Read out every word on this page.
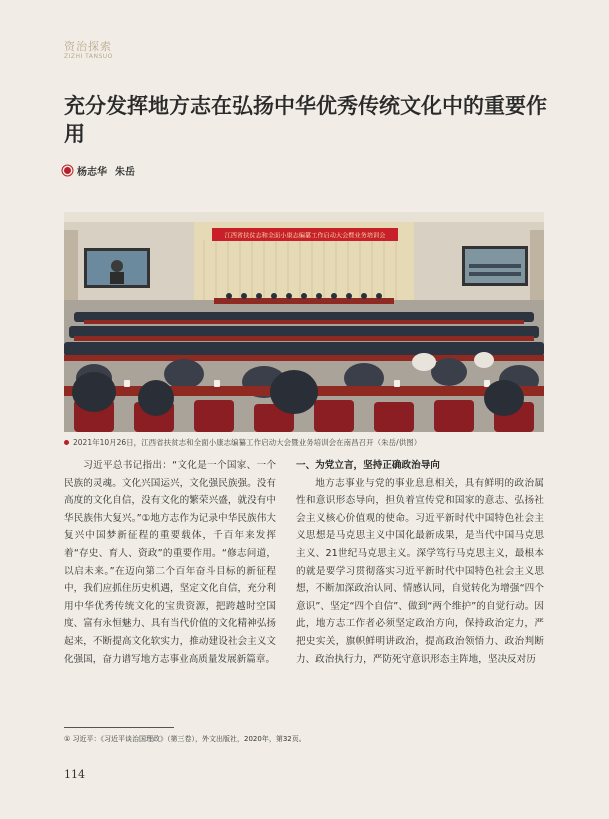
资治探索
ZIZHI TANSUO
充分发挥地方志在弘扬中华优秀传统文化中的重要作用
杨志华 朱岳
江西省扶贫志和全面小康志编纂工作启动大会暨业务培训会
2021年10月26日，江西省扶贫志和全面小康志编纂工作启动大会暨业务培训会在南昌召开（朱岳/供图）

习近平总书记指出：“文化是一个国家、一个民族的灵魂。文化兴国运兴，文化强民族强。没有高度的文化自信，没有文化的繁荣兴盛，就没有中华民族伟大复兴。”①地方志作为记录中华民族伟大复兴中国梦新征程的重要载体，千百年来发挥着“存史、育人、资政”的重要作用。“修志问道，以启未来。”在迈向第二个百年奋斗目标的新征程中，我们应抓住历史机遇，坚定文化自信，充分利用中华优秀传统文化的宝贵资源，把跨越时空国度、富有永恒魅力、具有当代价值的文化精神弘扬起来，不断提高文化软实力，推动建设社会主义文化强国，奋力谱写地方志事业高质量发展新篇章。

一、为党立言，坚持正确政治导向

地方志事业与党的事业息息相关，具有鲜明的政治属性和意识形态导向，担负着宣传党和国家的意志、弘扬社会主义核心价值观的使命。习近平新时代中国特色社会主义思想是马克思主义中国化最新成果，是当代中国马克思主义、21世纪马克思主义。深学笃行马克思主义，最根本的就是要学习贯彻落实习近平新时代中国特色社会主义思想，不断加深政治认同、情感认同，自觉转化为增强“四个意识”、坚定“四个自信”、做到“两个维护”的自觉行动。因此，地方志工作者必须坚定政治方向，保持政治定力，严把史实关，旗帜鲜明讲政治，提高政治领悟力、政治判断力、政治执行力，严防死守意识形态主阵地，坚决反对历

① 习近平：《习近平谈治国理政》（第三卷），外文出版社，2020年，第32页。
114
